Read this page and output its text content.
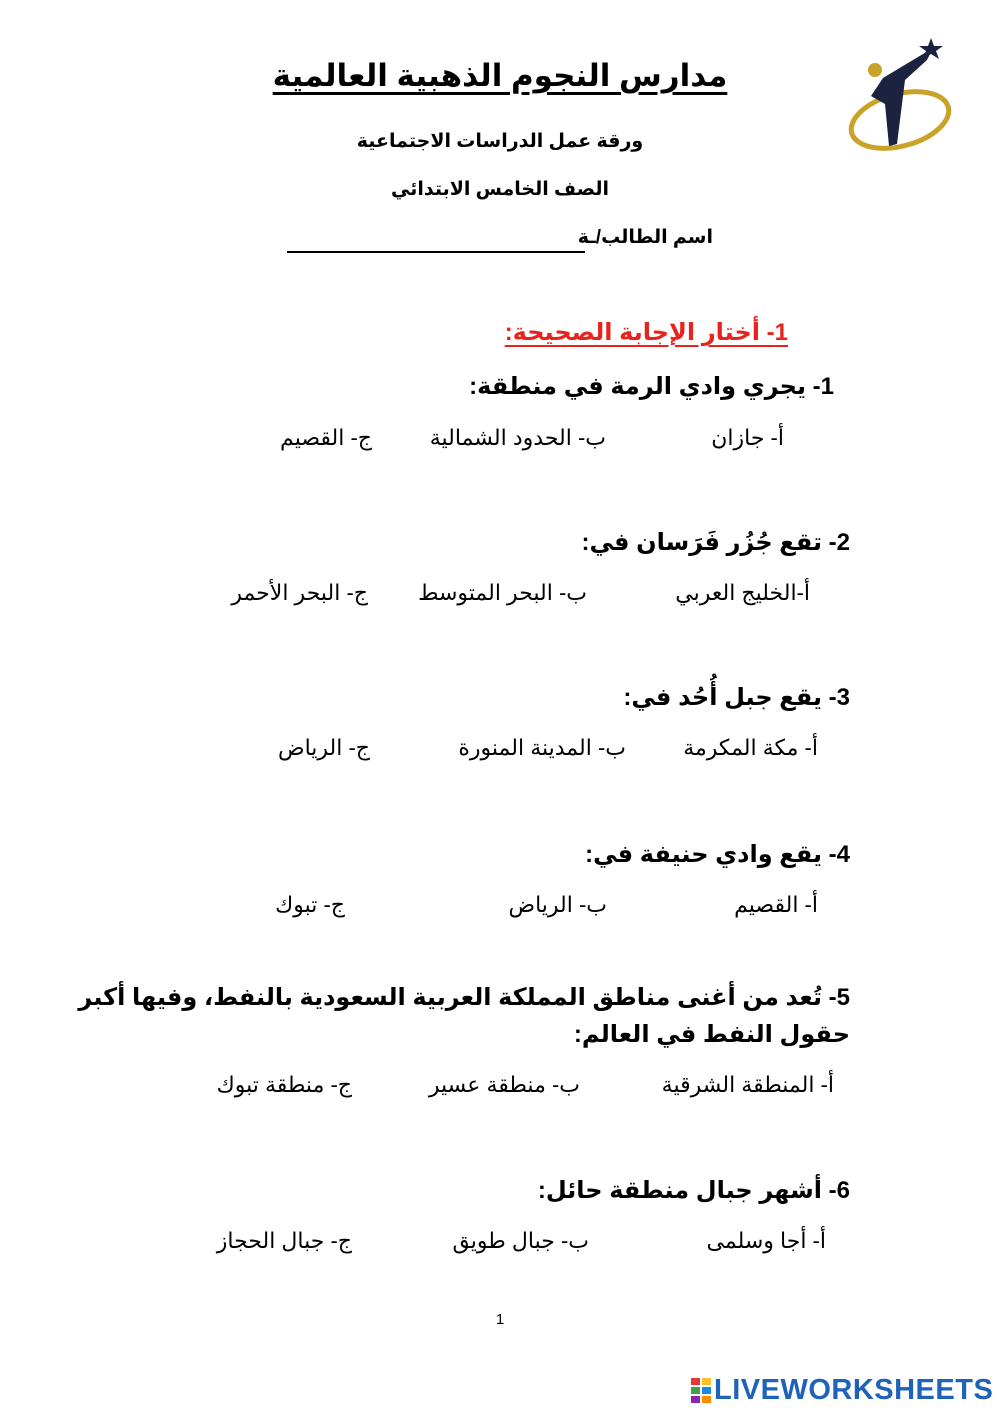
مدارس النجوم الذهبية العالمية
ورقة عمل الدراسات الاجتماعية
الصف الخامس الابتدائي
اسم الطالب/ـة
1- أختار الإجابة الصحيحة:
1- يجري وادي الرمة في منطقة:
أ- جازان
ب- الحدود الشمالية
ج- القصيم
2- تقع جُزُر فَرَسان في:
أ-الخليج العربي
ب- البحر المتوسط
ج- البحر الأحمر
3- يقع جبل أُحُد في:
أ- مكة المكرمة
ب- المدينة المنورة
ج- الرياض
4- يقع وادي حنيفة في:
أ- القصيم
ب- الرياض
ج- تبوك
5- تُعد من أغنى مناطق المملكة العربية السعودية بالنفط، وفيها أكبر
حقول النفط في العالم:
أ- المنطقة الشرقية
ب- منطقة عسير
ج- منطقة تبوك
6- أشهر جبال منطقة حائل:
أ- أجا وسلمى
ب- جبال طويق
ج- جبال الحجاز
1
LIVEWORKSHEETS
